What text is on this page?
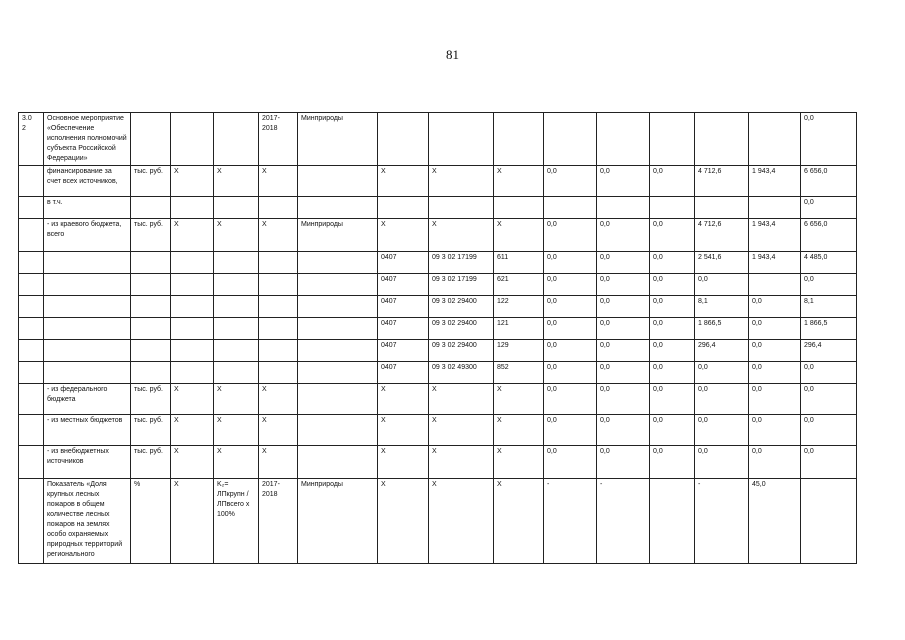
81
3.0
2	Основное мероприятие «Обеспечение исполнения полномочий субъекта Российской Федерации»				2017-2018	Минприроды									0,0
	финансирование за счет всех источников,	тыс. руб.	X	X	X		X	X	X	0,0	0,0	0,0	4 712,6	1 943,4	6 656,0
	в т.ч.														0,0
	- из краевого бюджета, всего	тыс. руб.	X	X	X	Минприроды	X	X	X	0,0	0,0	0,0	4 712,6	1 943,4	6 656,0
							0407	09 3 02 17199	611	0,0	0,0	0,0	2 541,6	1 943,4	4 485,0
							0407	09 3 02 17199	621	0,0	0,0	0,0	0,0		0,0
							0407	09 3 02 29400	122	0,0	0,0	0,0	8,1	0,0	8,1
							0407	09 3 02 29400	121	0,0	0,0	0,0	1 866,5	0,0	1 866,5
							0407	09 3 02 29400	129	0,0	0,0	0,0	296,4	0,0	296,4
							0407	09 3 02 49300	852	0,0	0,0	0,0	0,0	0,0	0,0
	- из федерального бюджета	тыс. руб.	X	X	X		X	X	X	0,0	0,0	0,0	0,0	0,0	0,0
	- из местных бюджетов	тыс. руб.	X	X	X		X	X	X	0,0	0,0	0,0	0,0	0,0	0,0
	- из внебюджетных источников	тыс. руб.	X	X	X		X	X	X	0,0	0,0	0,0	0,0	0,0	0,0
	Показатель «Доля крупных лесных пожаров в общем количестве лесных пожаров на землях особо охраняемых природных территорий регионального	%	X	K₂= ЛПкрупн / ЛПвсего x 100%	2017-2018	Минприроды	X	X	X	-	-		-	45,0	
